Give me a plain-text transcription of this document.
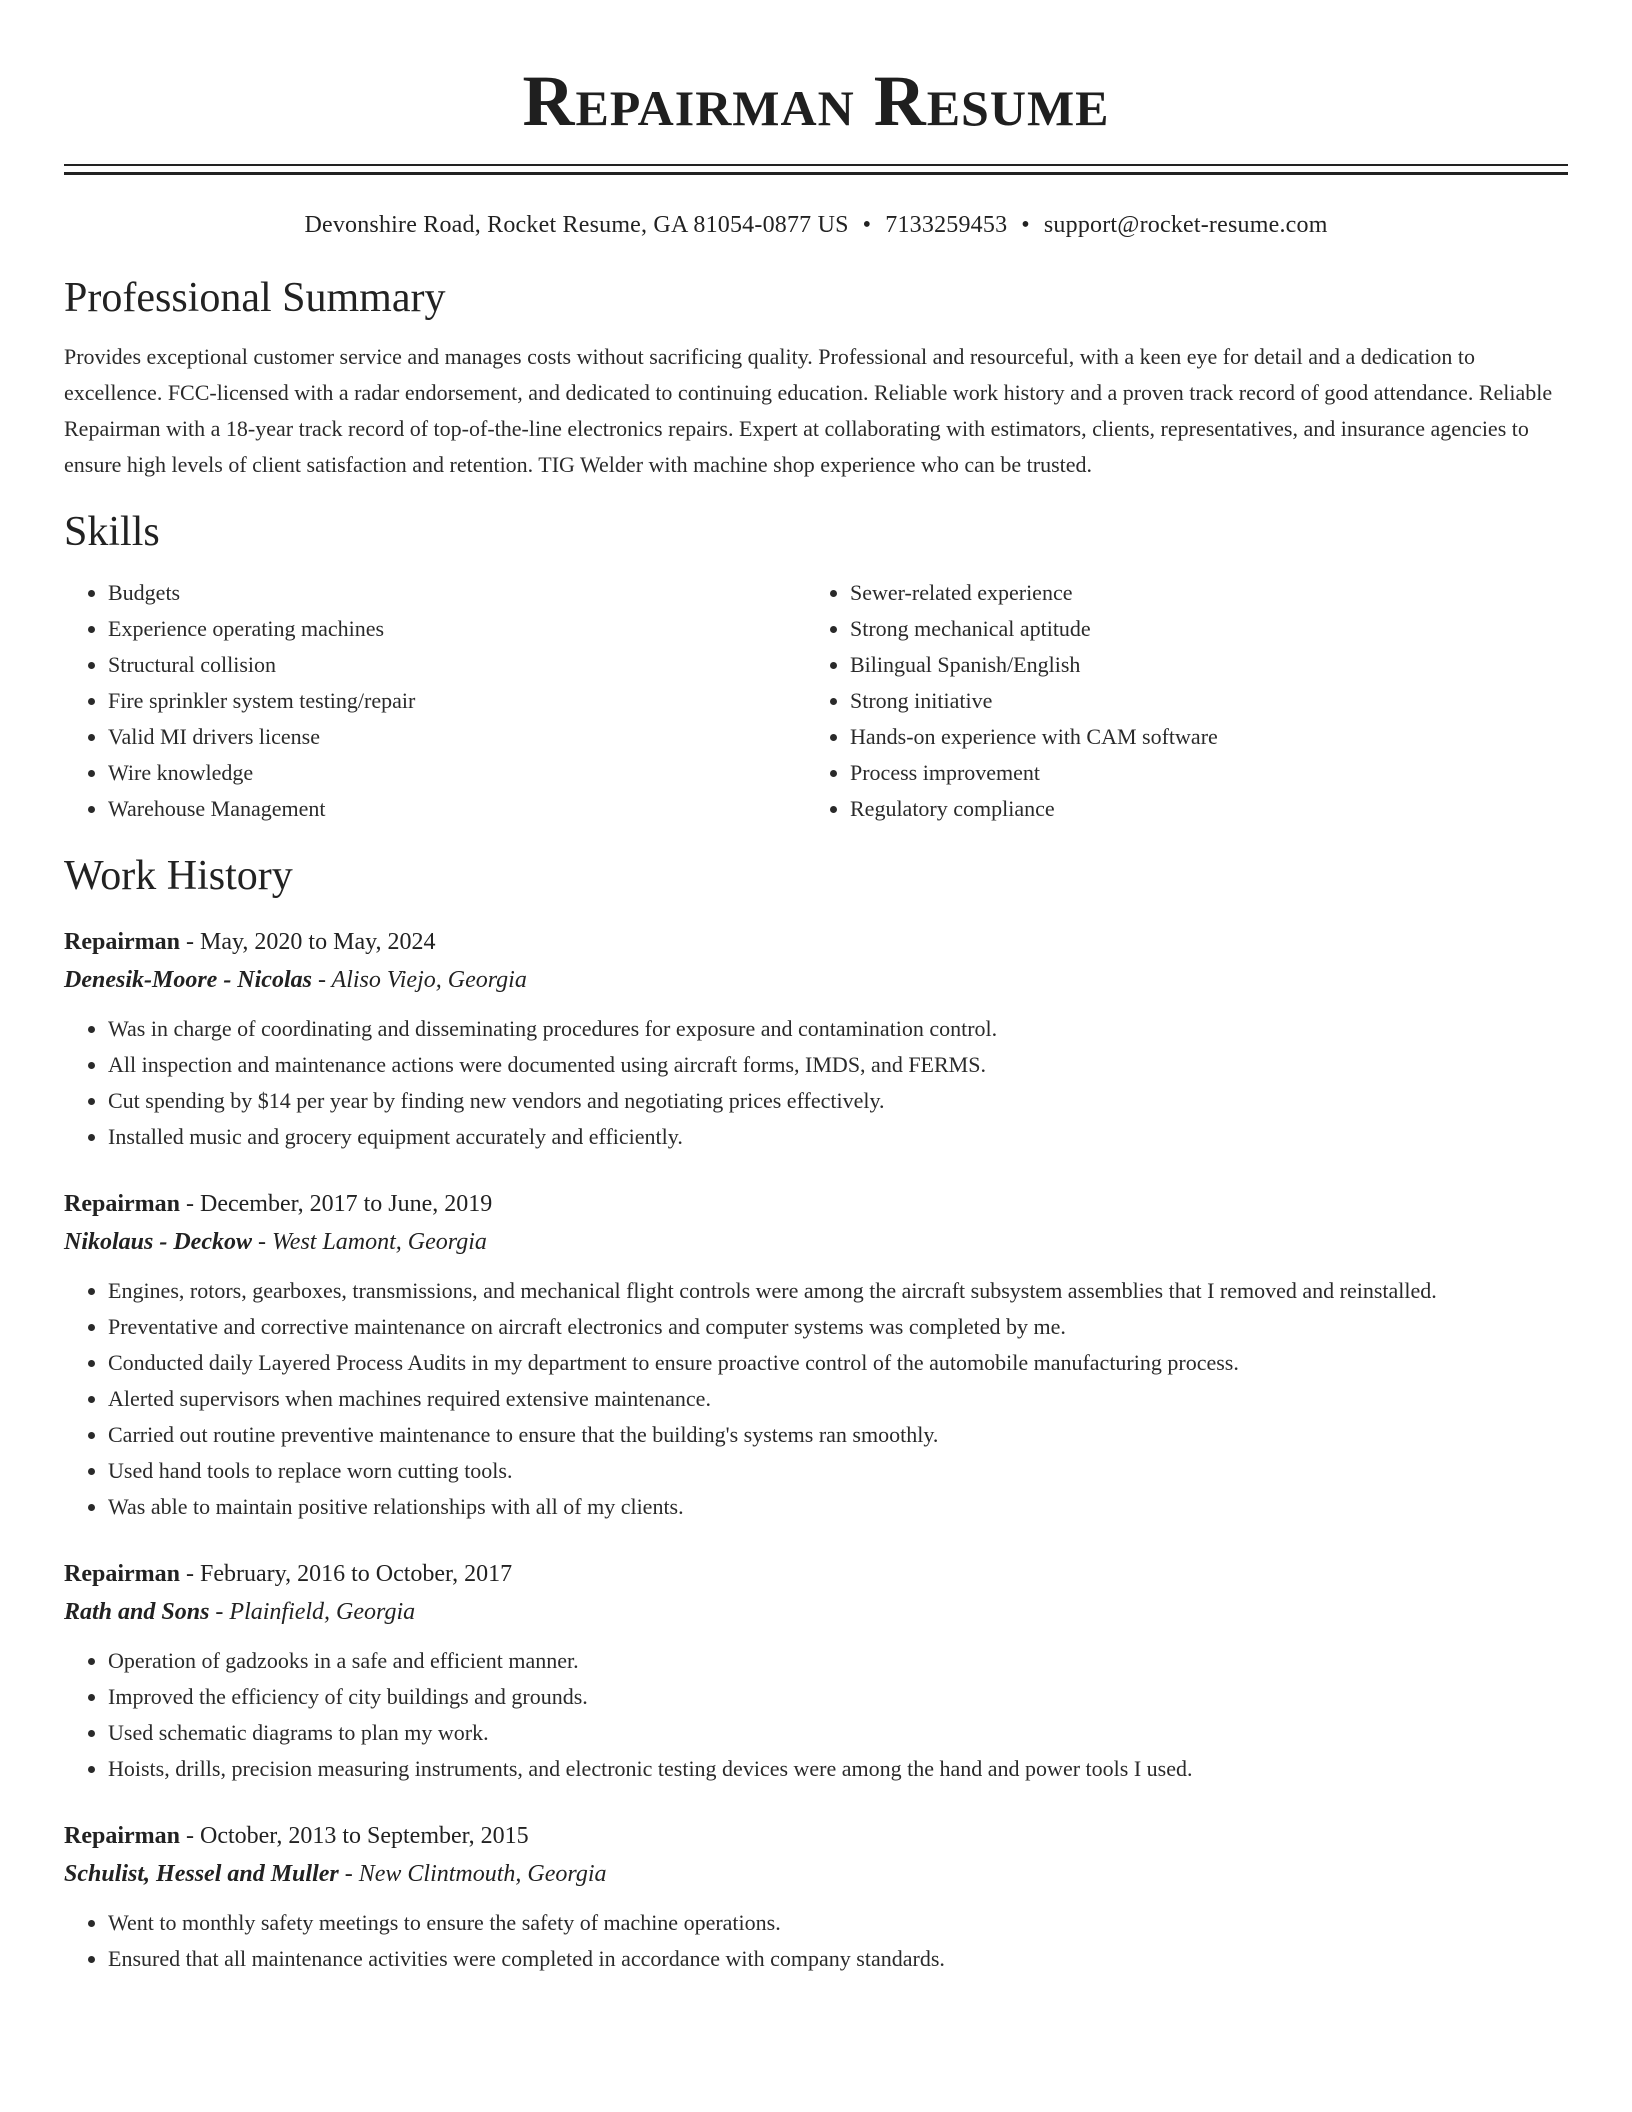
Repairman Resume
Devonshire Road, Rocket Resume, GA 81054-0877 US • 7133259453 • support@rocket-resume.com
Professional Summary

Provides exceptional customer service and manages costs without sacrificing quality. Professional and resourceful, with a keen eye for detail and a dedication to excellence. FCC-licensed with a radar endorsement, and dedicated to continuing education. Reliable work history and a proven track record of good attendance. Reliable Repairman with a 18-year track record of top-of-the-line electronics repairs. Expert at collaborating with estimators, clients, representatives, and insurance agencies to ensure high levels of client satisfaction and retention. TIG Welder with machine shop experience who can be trusted.

Skills
• Budgets
• Experience operating machines
• Structural collision
• Fire sprinkler system testing/repair
• Valid MI drivers license
• Wire knowledge
• Warehouse Management
• Sewer-related experience
• Strong mechanical aptitude
• Bilingual Spanish/English
• Strong initiative
• Hands-on experience with CAM software
• Process improvement
• Regulatory compliance
Work History
Repairman - May, 2020 to May, 2024
Denesik-Moore - Nicolas - Aliso Viejo, Georgia
• Was in charge of coordinating and disseminating procedures for exposure and contamination control.
• All inspection and maintenance actions were documented using aircraft forms, IMDS, and FERMS.
• Cut spending by $14 per year by finding new vendors and negotiating prices effectively.
• Installed music and grocery equipment accurately and efficiently.
Repairman - December, 2017 to June, 2019
Nikolaus - Deckow - West Lamont, Georgia
• Engines, rotors, gearboxes, transmissions, and mechanical flight controls were among the aircraft subsystem assemblies that I removed and reinstalled.
• Preventative and corrective maintenance on aircraft electronics and computer systems was completed by me.
• Conducted daily Layered Process Audits in my department to ensure proactive control of the automobile manufacturing process.
• Alerted supervisors when machines required extensive maintenance.
• Carried out routine preventive maintenance to ensure that the building's systems ran smoothly.
• Used hand tools to replace worn cutting tools.
• Was able to maintain positive relationships with all of my clients.
Repairman - February, 2016 to October, 2017
Rath and Sons - Plainfield, Georgia
• Operation of gadzooks in a safe and efficient manner.
• Improved the efficiency of city buildings and grounds.
• Used schematic diagrams to plan my work.
• Hoists, drills, precision measuring instruments, and electronic testing devices were among the hand and power tools I used.
Repairman - October, 2013 to September, 2015
Schulist, Hessel and Muller - New Clintmouth, Georgia
• Went to monthly safety meetings to ensure the safety of machine operations.
• Ensured that all maintenance activities were completed in accordance with company standards.
